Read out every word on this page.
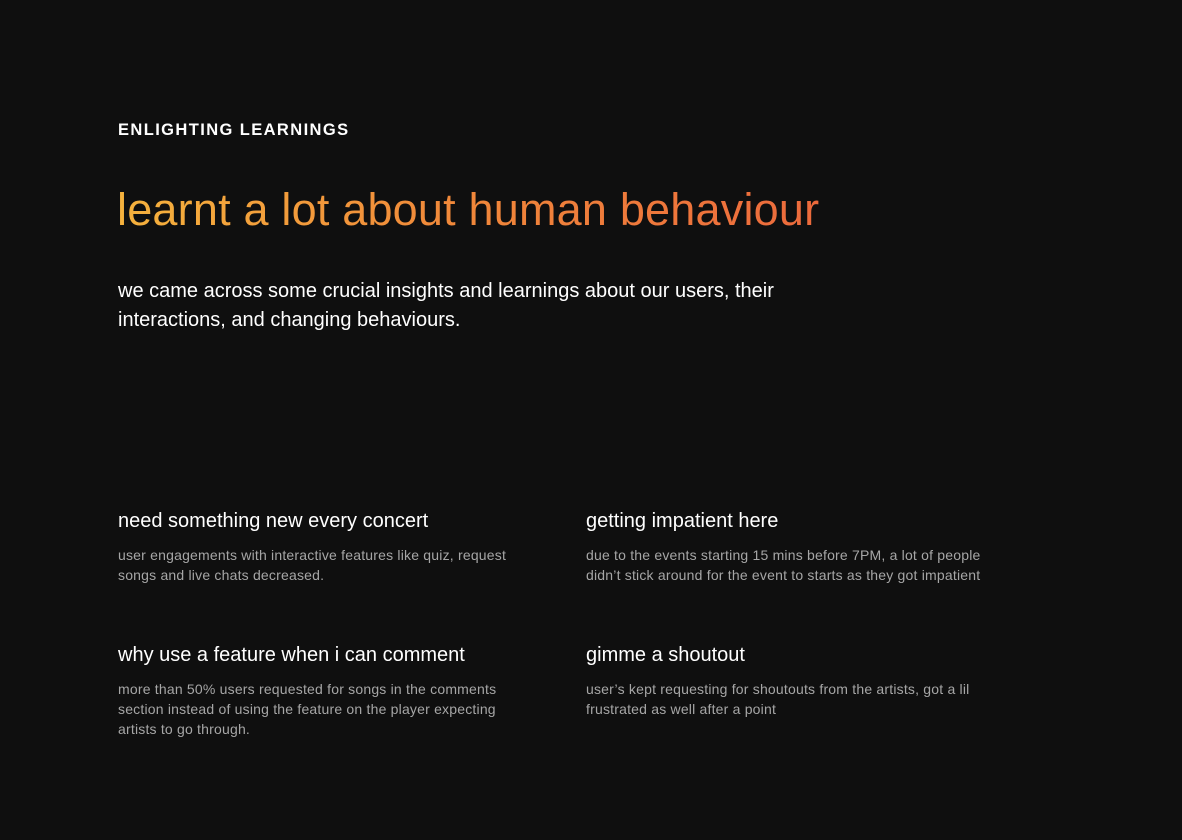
ENLIGHTING LEARNINGS
learnt a lot about human behaviour
we came across some crucial insights and learnings about our users, their interactions, and changing behaviours.
need something new every concert
user engagements with interactive features like quiz, request songs and live chats decreased.
getting impatient here
due to the events starting 15 mins before 7PM, a lot of people didn’t stick around for the event to starts as they got impatient
why use a feature when i can comment
more than 50% users requested for songs in the comments section instead of using the feature on the player expecting artists to go through.
gimme a shoutout
user’s kept requesting for shoutouts from the artists, got a lil frustrated as well after a point
